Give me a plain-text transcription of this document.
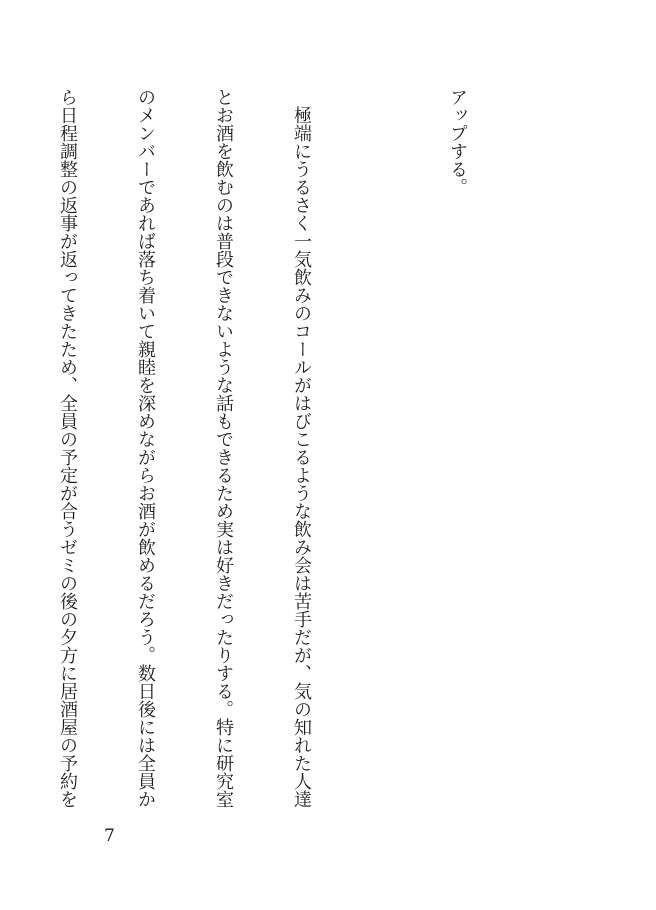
アップする。

　極端にうるさく一気飲みのコールがはびこるような飲み会は苦手だが、気の知れた人達

とお酒を飲むのは普段できないような話もできるため実は好きだったりする。特に研究室

のメンバーであれば落ち着いて親睦を深めながらお酒が飲めるだろう。数日後には全員か

ら日程調整の返事が返ってきたため、全員の予定が合うゼミの後の夕方に居酒屋の予約を

7
